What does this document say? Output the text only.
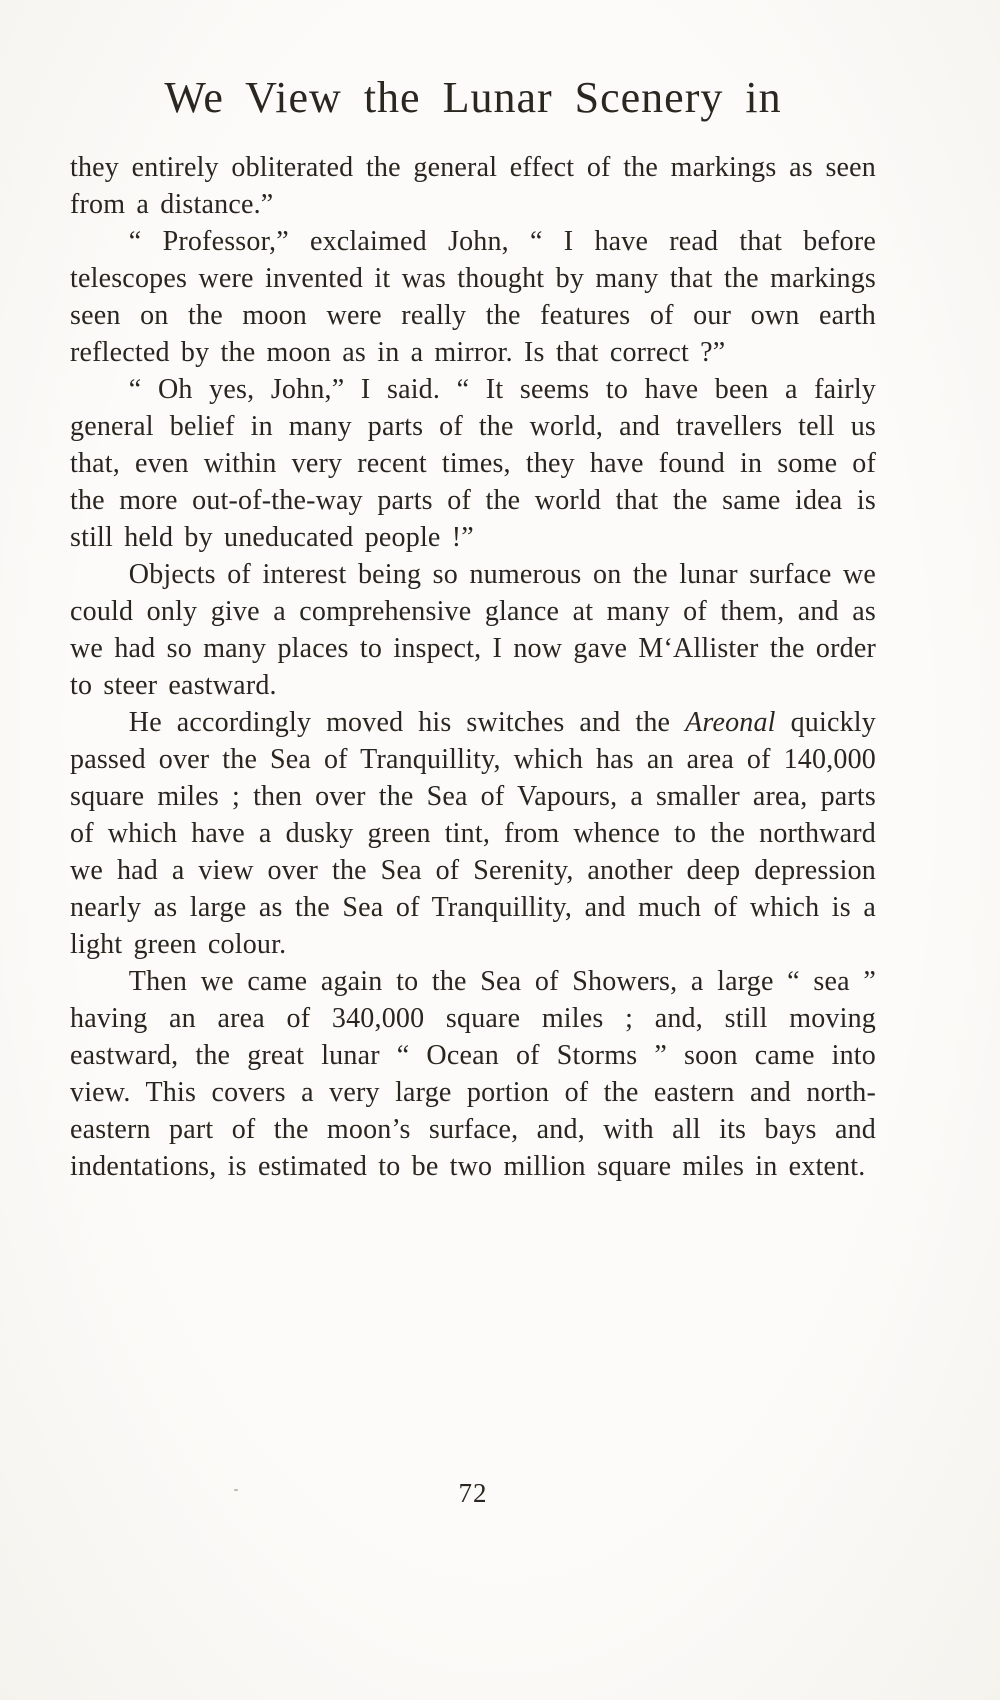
We View the Lunar Scenery in

they entirely obliterated the general effect of the markings as seen from a distance.”

“ Professor,” exclaimed John, “ I have read that before telescopes were invented it was thought by many that the markings seen on the moon were really the features of our own earth reflected by the moon as in a mirror. Is that correct ?”

“ Oh yes, John,” I said. “ It seems to have been a fairly general belief in many parts of the world, and travellers tell us that, even within very recent times, they have found in some of the more out-of-the-way parts of the world that the same idea is still held by uneducated people !”

Objects of interest being so numerous on the lunar surface we could only give a comprehensive glance at many of them, and as we had so many places to inspect, I now gave M‘Allister the order to steer eastward.

He accordingly moved his switches and the Areonal quickly passed over the Sea of Tranquillity, which has an area of 140,000 square miles ; then over the Sea of Vapours, a smaller area, parts of which have a dusky green tint, from whence to the northward we had a view over the Sea of Serenity, another deep depression nearly as large as the Sea of Tranquillity, and much of which is a light green colour.

Then we came again to the Sea of Showers, a large “ sea ” having an area of 340,000 square miles ; and, still moving eastward, the great lunar “ Ocean of Storms ” soon came into view. This covers a very large portion of the eastern and north-eastern part of the moon’s surface, and, with all its bays and indentations, is estimated to be two million square miles in extent.

72
